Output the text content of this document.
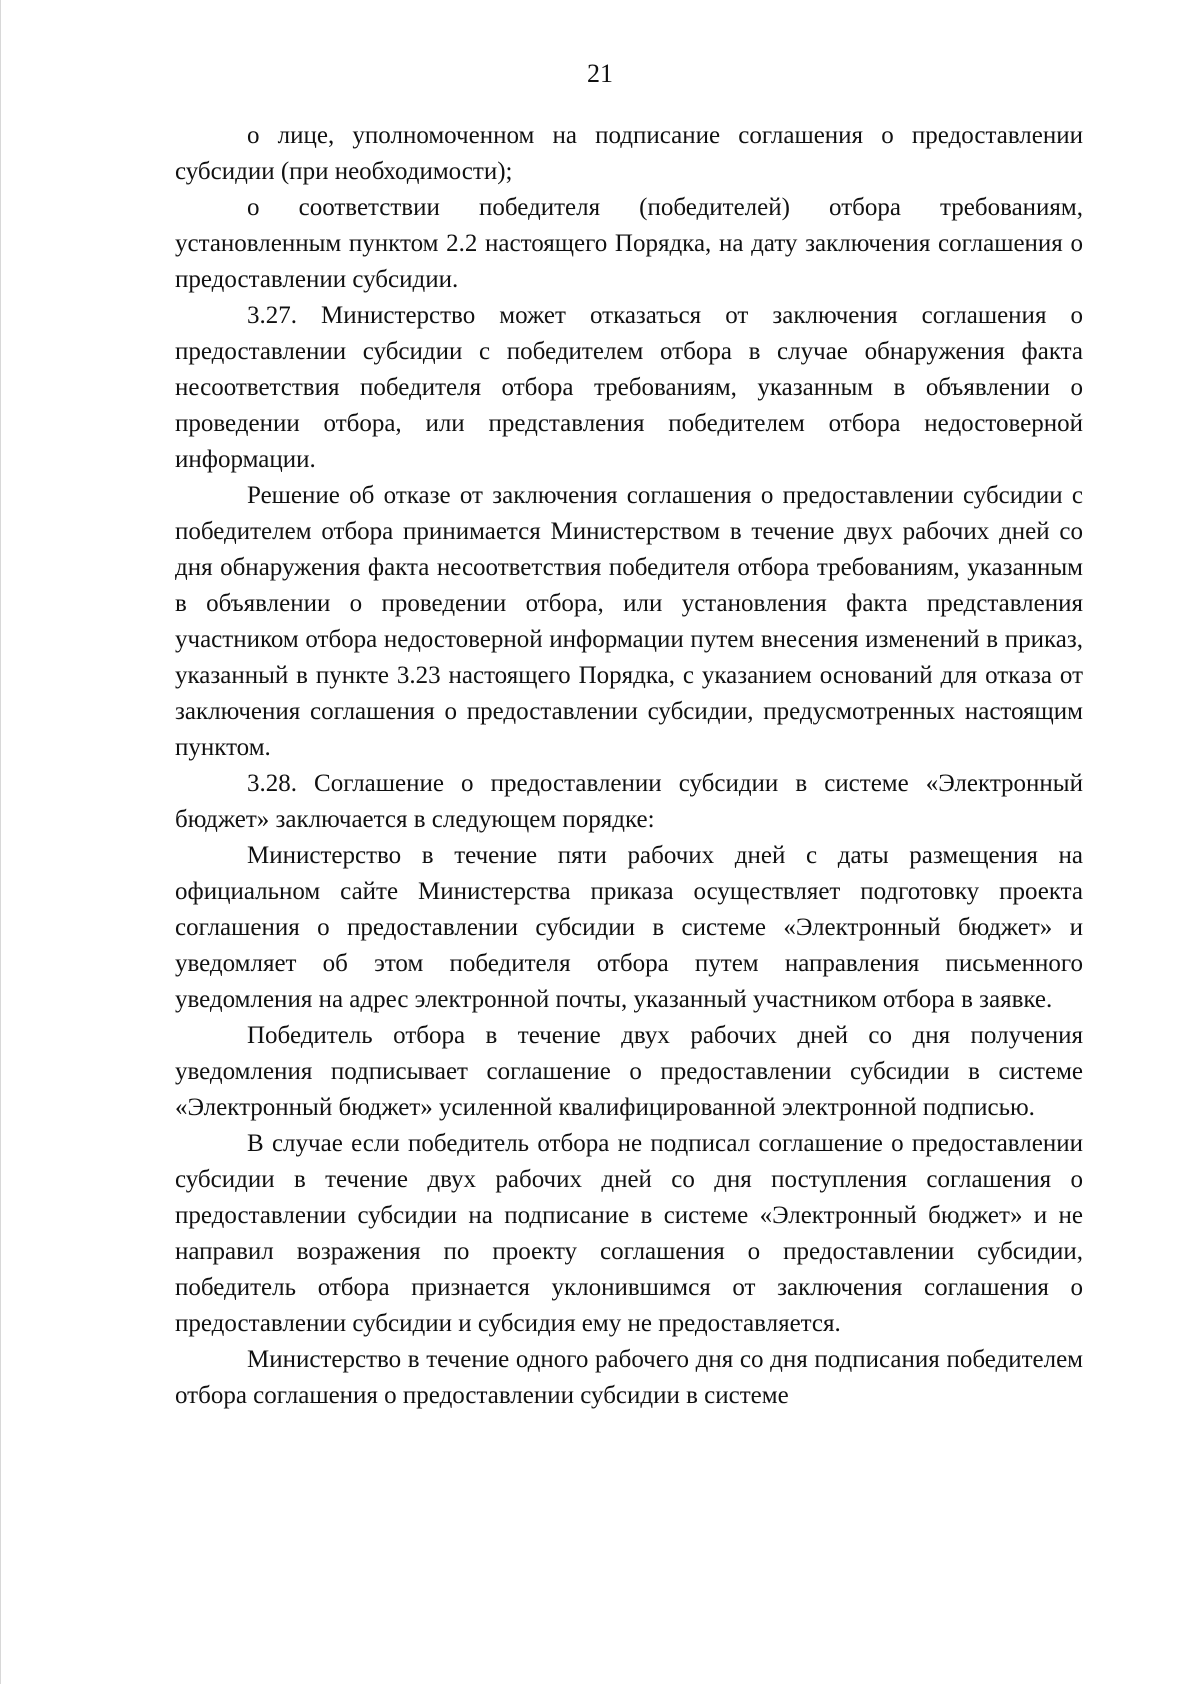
21

о лице, уполномоченном на подписание соглашения о предоставлении субсидии (при необходимости);

о соответствии победителя (победителей) отбора требованиям, установленным пунктом 2.2 настоящего Порядка, на дату заключения соглашения о предоставлении субсидии.

3.27. Министерство может отказаться от заключения соглашения о предоставлении субсидии с победителем отбора в случае обнаружения факта несоответствия победителя отбора требованиям, указанным в объявлении о проведении отбора, или представления победителем отбора недостоверной информации.

Решение об отказе от заключения соглашения о предоставлении субсидии с победителем отбора принимается Министерством в течение двух рабочих дней со дня обнаружения факта несоответствия победителя отбора требованиям, указанным в объявлении о проведении отбора, или установления факта представления участником отбора недостоверной информации путем внесения изменений в приказ, указанный в пункте 3.23 настоящего Порядка, с указанием оснований для отказа от заключения соглашения о предоставлении субсидии, предусмотренных настоящим пунктом.

3.28. Соглашение о предоставлении субсидии в системе «Электронный бюджет» заключается в следующем порядке:

Министерство в течение пяти рабочих дней с даты размещения на официальном сайте Министерства приказа осуществляет подготовку проекта соглашения о предоставлении субсидии в системе «Электронный бюджет» и уведомляет об этом победителя отбора путем направления письменного уведомления на адрес электронной почты, указанный участником отбора в заявке.

Победитель отбора в течение двух рабочих дней со дня получения уведомления подписывает соглашение о предоставлении субсидии в системе «Электронный бюджет» усиленной квалифицированной электронной подписью.

В случае если победитель отбора не подписал соглашение о предоставлении субсидии в течение двух рабочих дней со дня поступления соглашения о предоставлении субсидии на подписание в системе «Электронный бюджет» и не направил возражения по проекту соглашения о предоставлении субсидии, победитель отбора признается уклонившимся от заключения соглашения о предоставлении субсидии и субсидия ему не предоставляется.

Министерство в течение одного рабочего дня со дня подписания победителем отбора соглашения о предоставлении субсидии в системе
